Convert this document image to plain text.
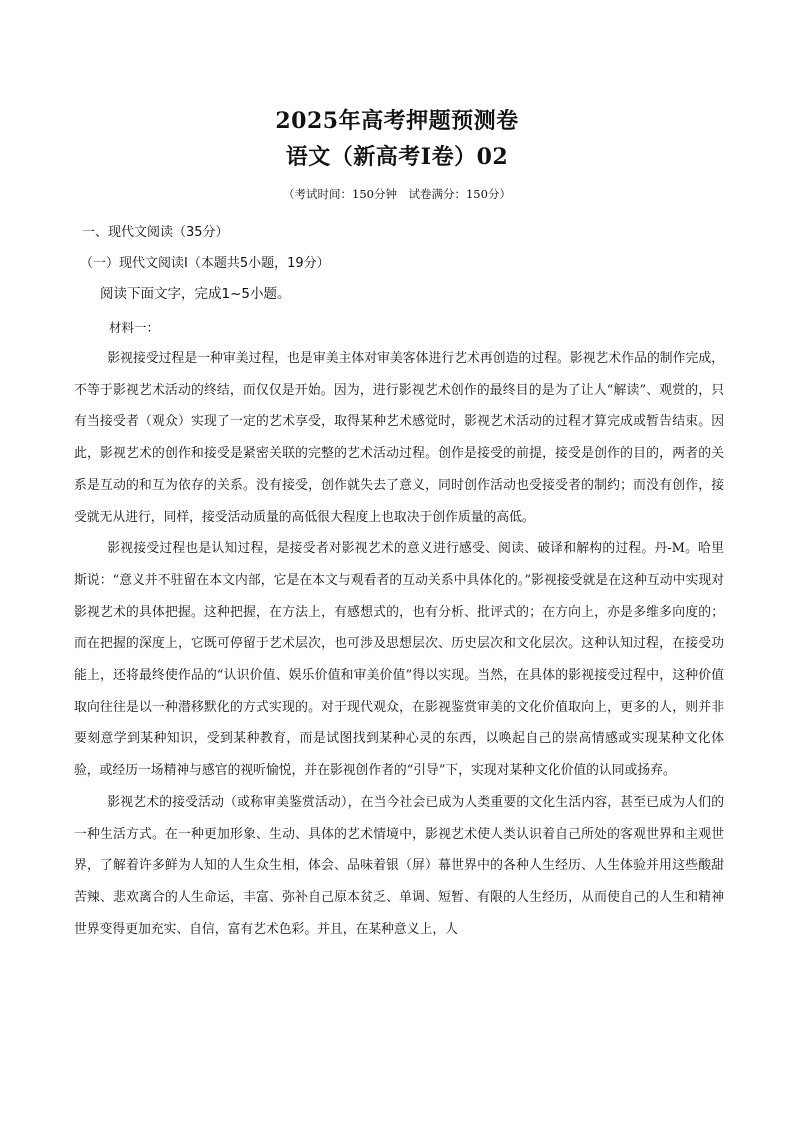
2025年高考押题预测卷
语文（新高考Ⅰ卷）02
（考试时间：150分钟　试卷满分：150分）
一、现代文阅读（35分）
（一）现代文阅读Ⅰ（本题共5小题，19分）
阅读下面文字，完成1~5小题。
材料一：

影视接受过程是一种审美过程，也是审美主体对审美客体进行艺术再创造的过程。影视艺术作品的制作完成，不等于影视艺术活动的终结，而仅仅是开始。因为，进行影视艺术创作的最终目的是为了让人“解读”、观赏的，只有当接受者（观众）实现了一定的艺术享受，取得某种艺术感觉时，影视艺术活动的过程才算完成或暂告结束。因此，影视艺术的创作和接受是紧密关联的完整的艺术活动过程。创作是接受的前提，接受是创作的目的，两者的关系是互动的和互为依存的关系。没有接受，创作就失去了意义，同时创作活动也受接受者的制约；而没有创作，接受就无从进行，同样，接受活动质量的高低很大程度上也取决于创作质量的高低。

影视接受过程也是认知过程，是接受者对影视艺术的意义进行感受、阅读、破译和解构的过程。丹-M。哈里斯说：“意义并不驻留在本文内部，它是在本文与观看者的互动关系中具体化的。”影视接受就是在这种互动中实现对影视艺术的具体把握。这种把握，在方法上，有感想式的，也有分析、批评式的；在方向上，亦是多维多向度的；而在把握的深度上，它既可停留于艺术层次，也可涉及思想层次、历史层次和文化层次。这种认知过程，在接受功能上，还将最终使作品的“认识价值、娱乐价值和审美价值”得以实现。当然，在具体的影视接受过程中，这种价值取向往往是以一种潜移默化的方式实现的。对于现代观众，在影视鉴赏审美的文化价值取向上，更多的人，则并非要刻意学到某种知识，受到某种教育，而是试图找到某种心灵的东西，以唤起自己的崇高情感或实现某种文化体验，或经历一场精神与感官的视听愉悦，并在影视创作者的“引导”下，实现对某种文化价值的认同或扬弃。

影视艺术的接受活动（或称审美鉴赏活动），在当今社会已成为人类重要的文化生活内容，甚至已成为人们的一种生活方式。在一种更加形象、生动、具体的艺术情境中，影视艺术使人类认识着自己所处的客观世界和主观世界，了解着许多鲜为人知的人生众生相，体会、品味着银（屏）幕世界中的各种人生经历、人生体验并用这些酸甜苦辣、悲欢离合的人生命运，丰富、弥补自己原本贫乏、单调、短暂、有限的人生经历，从而使自己的人生和精神世界变得更加充实、自信，富有艺术色彩。并且，在某种意义上，人
